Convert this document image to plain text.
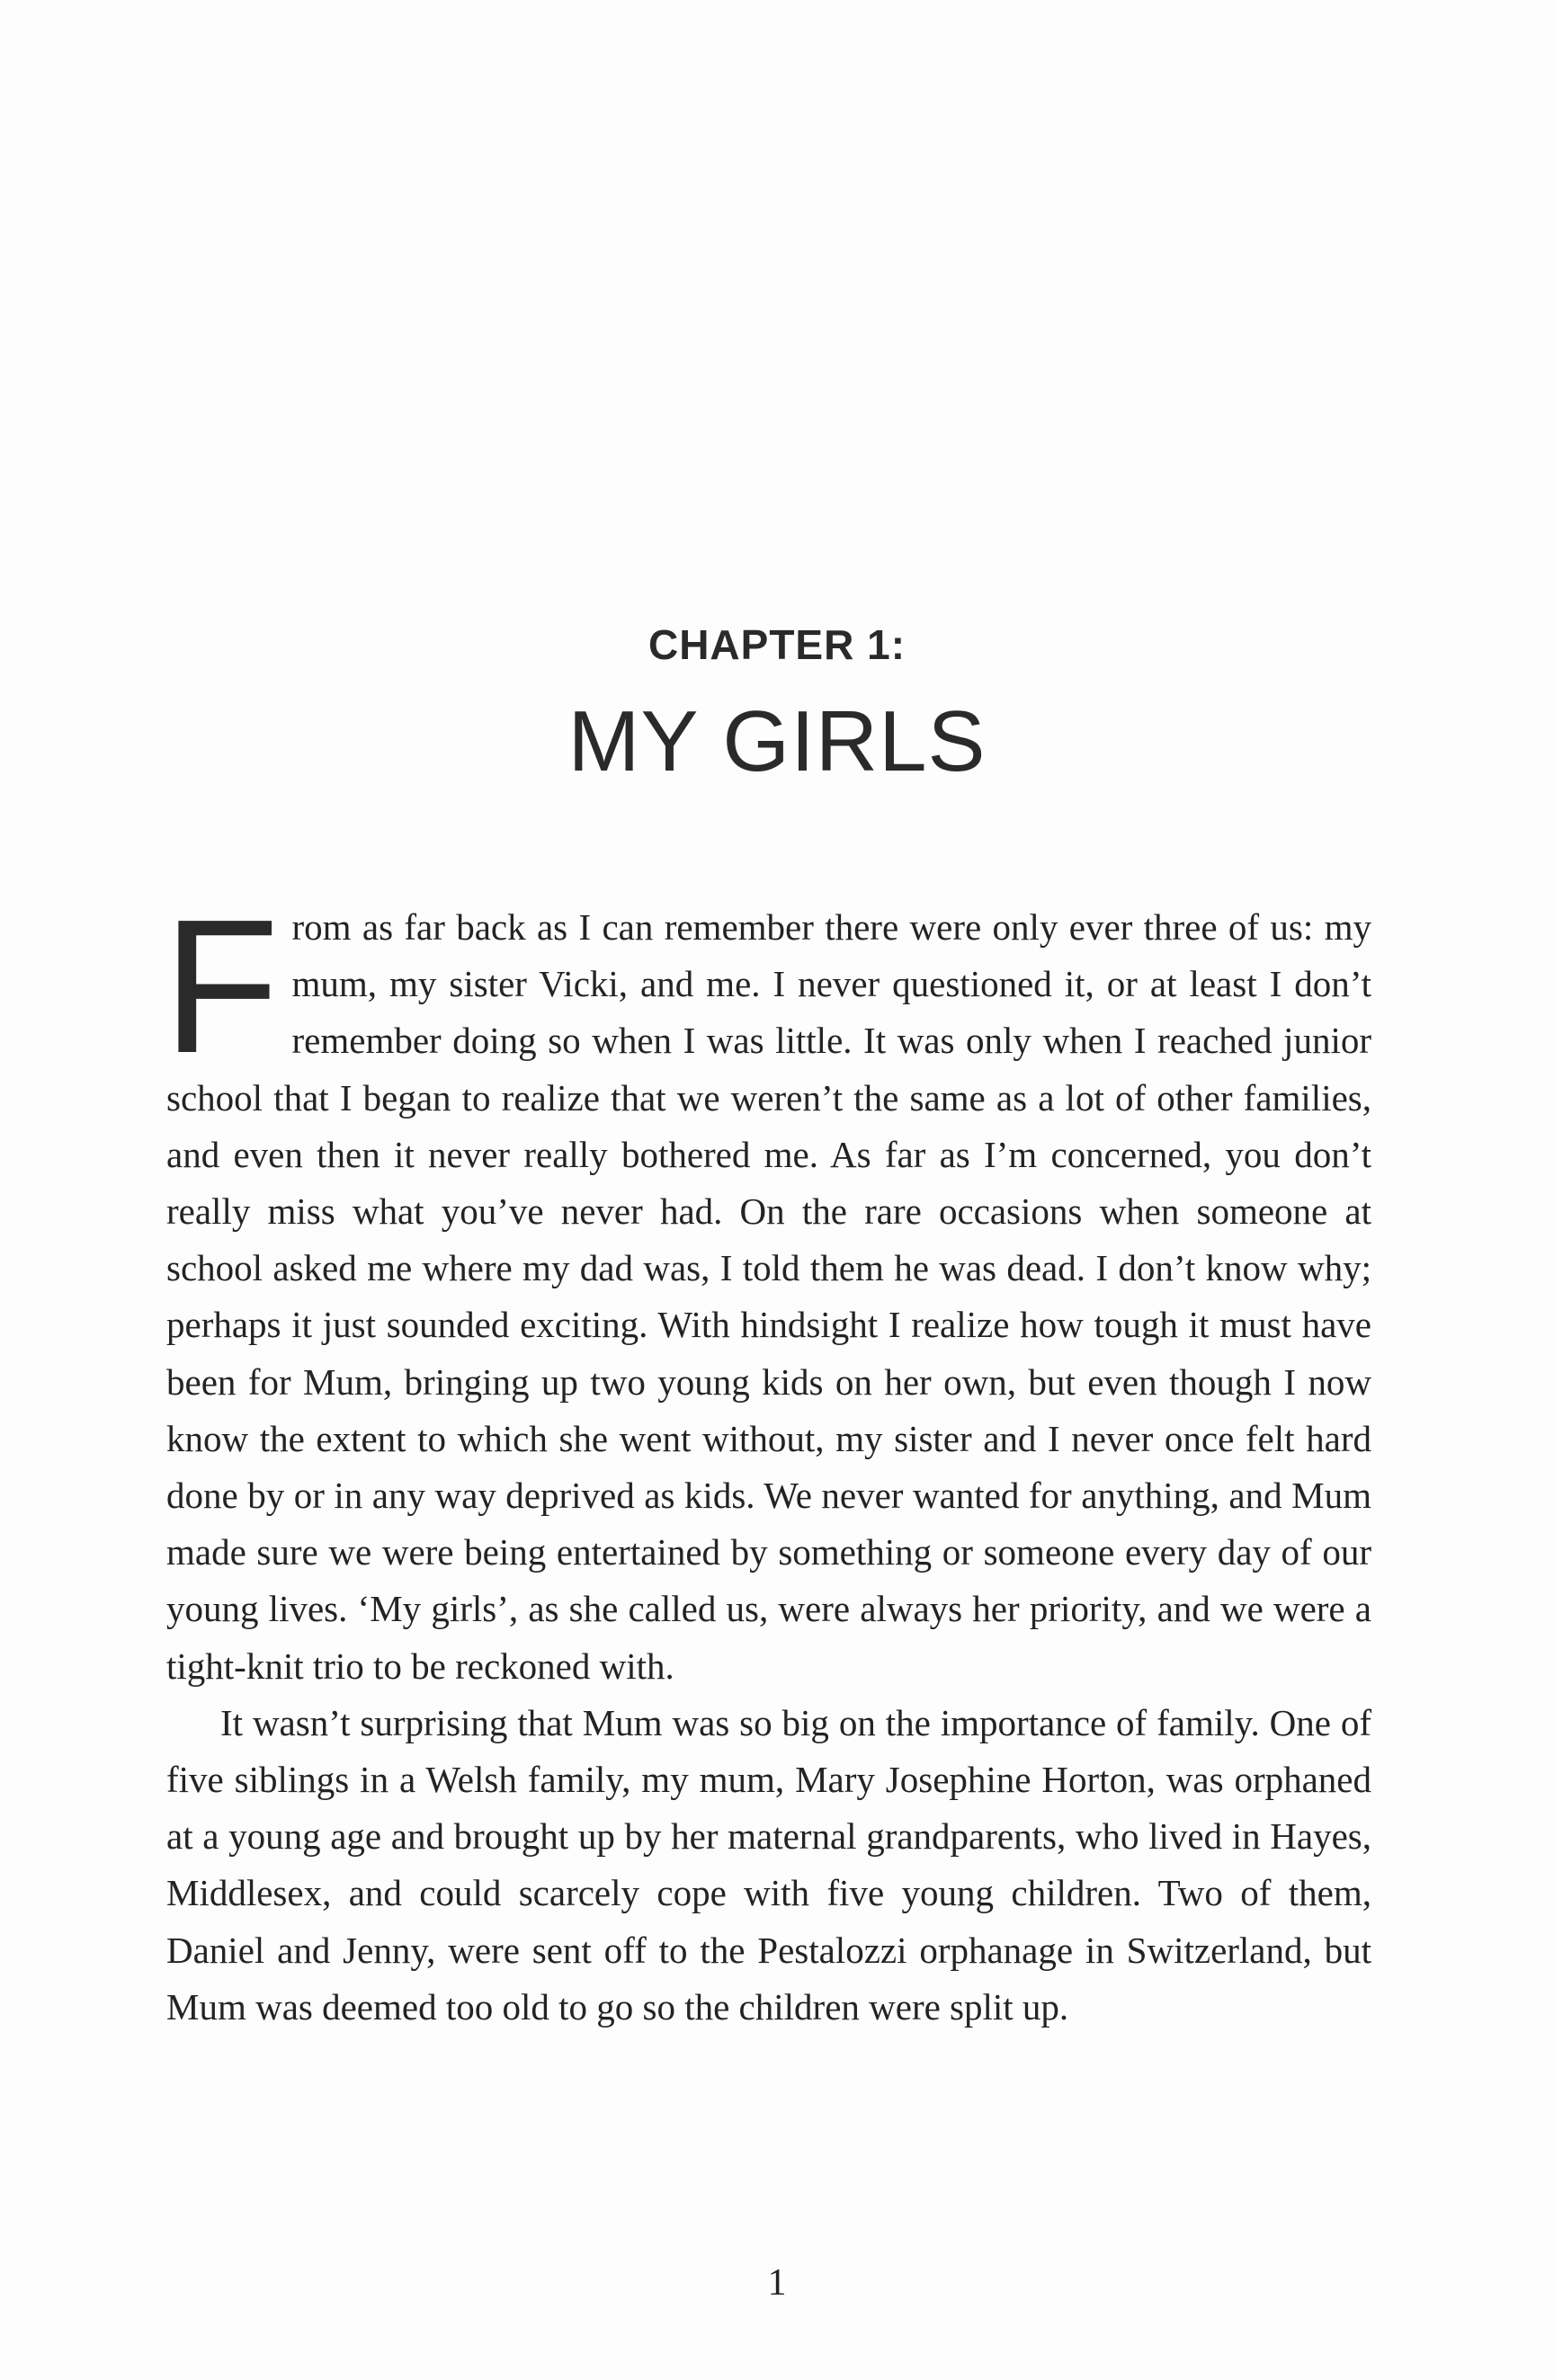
CHAPTER 1:
MY GIRLS

From as far back as I can remember there were only ever three of us: my mum, my sister Vicki, and me. I never questioned it, or at least I don’t remember doing so when I was little. It was only when I reached junior school that I began to realize that we weren’t the same as a lot of other families, and even then it never really bothered me. As far as I’m concerned, you don’t really miss what you’ve never had. On the rare occasions when someone at school asked me where my dad was, I told them he was dead. I don’t know why; perhaps it just sounded exciting. With hindsight I realize how tough it must have been for Mum, bringing up two young kids on her own, but even though I now know the extent to which she went without, my sister and I never once felt hard done by or in any way deprived as kids. We never wanted for anything, and Mum made sure we were being entertained by something or someone every day of our young lives. ‘My girls’, as she called us, were always her priority, and we were a tight-knit trio to be reckoned with.

It wasn’t surprising that Mum was so big on the importance of family. One of five siblings in a Welsh family, my mum, Mary Josephine Horton, was orphaned at a young age and brought up by her maternal grandparents, who lived in Hayes, Middlesex, and could scarcely cope with five young children. Two of them, Daniel and Jenny, were sent off to the Pestalozzi orphanage in Switzerland, but Mum was deemed too old to go so the children were split up.

1
